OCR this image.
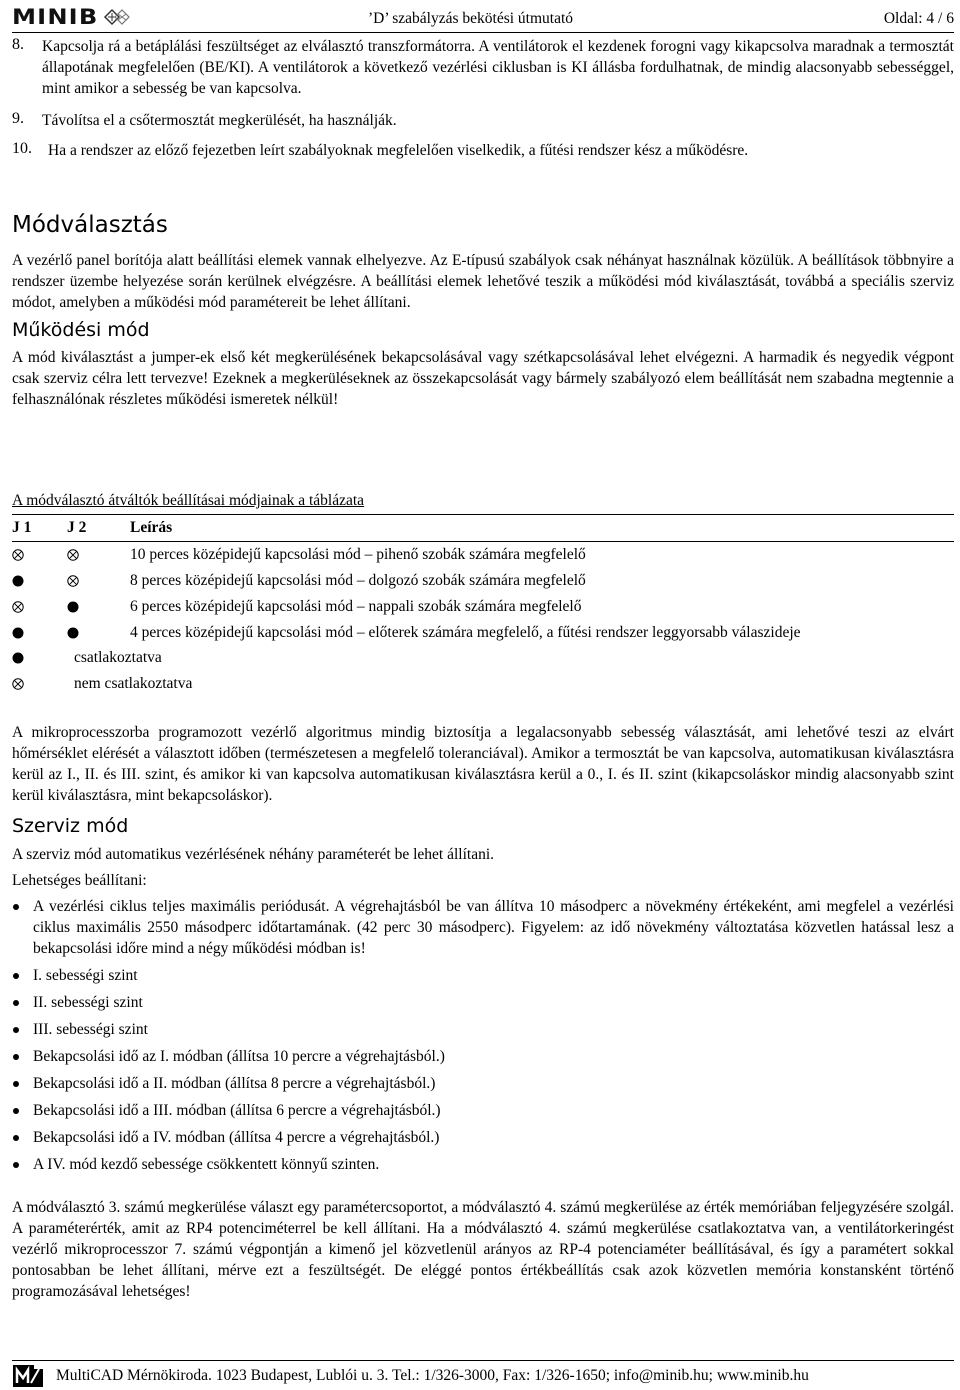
MINIB	’D’ szabályzás bekötési útmutató	Oldal: 4 / 6
8.	Kapcsolja rá a betáplálási feszültséget az elválasztó transzformátorra. A ventilátorok el kezdenek forogni vagy kikapcsolva maradnak a termosztát állapotának megfelelően (BE/KI). A ventilátorok a következő vezérlési ciklusban is KI állásba fordulhatnak, de mindig alacsonyabb sebességgel, mint amikor a sebesség be van kapcsolva.

9.	Távolítsa el a csőtermosztát megkerülését, ha használják.

10.	Ha a rendszer az előző fejezetben leírt szabályoknak megfelelően viselkedik, a fűtési rendszer kész a működésre.

Módválasztás

A vezérlő panel borítója alatt beállítási elemek vannak elhelyezve. Az E-típusú szabályok csak néhányat használnak közülük. A beállítások többnyire a rendszer üzembe helyezése során kerülnek elvégzésre. A beállítási elemek lehetővé teszik a működési mód kiválasztását, továbbá a speciális szerviz módot, amelyben a működési mód paramétereit be lehet állítani.

Működési mód

A mód kiválasztást a jumper-ek első két megkerülésének bekapcsolásával vagy szétkapcsolásával lehet elvégezni. A harmadik és negyedik végpont csak szerviz célra lett tervezve! Ezeknek a megkerüléseknek az összekapcsolását vagy bármely szabályozó elem beállítását nem szabadna megtennie a felhasználónak részletes működési ismeretek nélkül!

A módválasztó átváltók beállításai módjainak a táblázata

J 1	J 2	Leírás
		10 perces középidejű kapcsolási mód – pihenő szobák számára megfelelő
		8 perces középidejű kapcsolási mód – dolgozó szobák számára megfelelő
		6 perces középidejű kapcsolási mód – nappali szobák számára megfelelő
		4 perces középidejű kapcsolási mód – előterek számára megfelelő, a fűtési rendszer leggyorsabb válaszideje
csatlakoztatva
nem csatlakoztatva

A mikroprocesszorba programozott vezérlő algoritmus mindig biztosítja a legalacsonyabb sebesség választását, ami lehetővé teszi az elvárt hőmérséklet elérését a választott időben (természetesen a megfelelő toleranciával). Amikor a termosztát be van kapcsolva, automatikusan kiválasztásra kerül az I., II. és III. szint, és amikor ki van kapcsolva automatikusan kiválasztásra kerül a 0., I. és II. szint (kikapcsoláskor mindig alacsonyabb szint kerül kiválasztásra, mint bekapcsoláskor).

Szerviz mód

A szerviz mód automatikus vezérlésének néhány paraméterét be lehet állítani.

Lehetséges beállítani:

A vezérlési ciklus teljes maximális periódusát. A végrehajtásból be van állítva 10 másodperc a növekmény értékeként, ami megfelel a vezérlési ciklus maximális 2550 másodperc időtartamának. (42 perc 30 másodperc). Figyelem: az idő növekmény változtatása közvetlen hatással lesz a bekapcsolási időre mind a négy működési módban is!
I. sebességi szint
II. sebességi szint
III. sebességi szint
Bekapcsolási idő az I. módban (állítsa 10 percre a végrehajtásból.)
Bekapcsolási idő a II. módban (állítsa 8 percre a végrehajtásból.)
Bekapcsolási idő a III. módban (állítsa 6 percre a végrehajtásból.)
Bekapcsolási idő a IV. módban (állítsa 4 percre a végrehajtásból.)
A IV. mód kezdő sebessége csökkentett könnyű szinten.

A módválasztó 3. számú megkerülése választ egy paramétercsoportot, a módválasztó 4. számú megkerülése az érték memóriában feljegyzésére szolgál. A paraméterérték, amit az RP4 potenciméterrel be kell állítani. Ha a módválasztó 4. számú megkerülése csatlakoztatva van, a ventilátorkeringést vezérlő mikroprocesszor 7. számú végpontján a kimenő jel közvetlenül arányos az RP-4 potenciaméter beállításával, és így a paramétert sokkal pontosabban be lehet állítani, mérve ezt a feszültségét. De eléggé pontos értékbeállítás csak azok közvetlen memória konstansként történő programozásával lehetséges!

MultiCAD Mérnökiroda. 1023 Budapest, Lublói u. 3. Tel.: 1/326-3000, Fax: 1/326-1650; info@minib.hu; www.minib.hu
